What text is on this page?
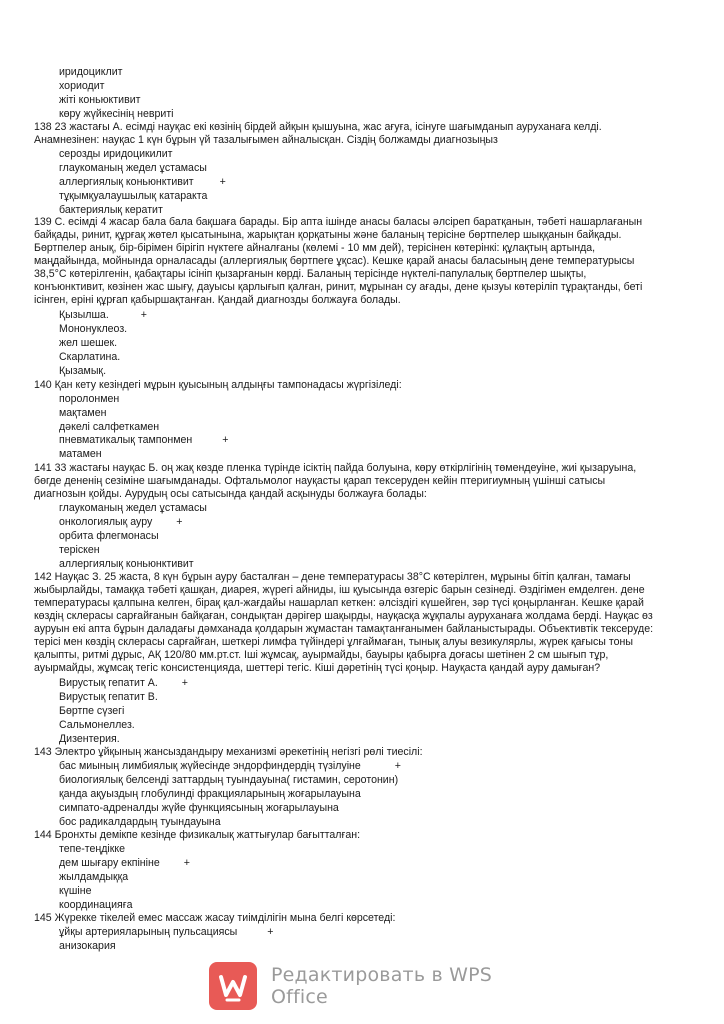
иридоциклит
хориодит
жіті коньюктивит
көру жүйкесінің невриті
138 23 жастағы А. есімді науқас екі көзінің бірдей айқын қышуына, жас ағуға, ісінуге шағымданып ауруханаға келді.
Анамнезінен: науқас 1 күн бұрын үй тазалығымен айналысқан. Сіздің болжамды диагнозыңыз
серозды иридоцикилит
глаукоманың жедел ұстамасы
аллергиялық коньюнктивит +
тұқымқуалаушылық катаракта
бактериялық кератит
139 С. есімді 4 жасар бала бала бақшаға барады. Бір апта ішінде анасы баласы әлсіреп баратқанын, тәбеті нашарлағанын
байқады, ринит, құрғақ жөтел қысатынына, жарықтан қорқатыны және баланың терісіне бөртпелер шыққанын байқады.
Бөртпелер анық, бір-бірімен бірігіп нүктеге айналғаны (көлемі - 10 мм дей), терісінен көтерінкі: құлақтың артында,
маңдайында, мойнында орналасады (аллергиялық бөртпеге ұқсас). Кешке қарай анасы баласының дене температурысы
38,5°С көтерілгенін, қабақтары ісініп қызарғанын көрді. Баланың терісінде нүктелі-папулалық бөртпелер шықты,
конъюнктивит, көзінен жас шығу, дауысы қарлығып қалған, ринит, мұрынан су ағады, дене қызуы көтеріліп тұрақтанды, беті
ісінген, еріні құрғап қабыршақтанған. Қандай диагнозды болжауға болады.
Қызылша.	+
Мононуклеоз.
жел шешек.
Скарлатина.
Қызамық.
140 Қан кету кезіндегі мұрын қуысының алдыңғы тампонадасы жүргізіледі:
поролонмен
мақтамен
дәкелі салфеткамен
пневматикалық тампонмен	+
матамен
141 33 жастағы науқас Б. оң жақ көзде пленка түрінде ісіктің пайда болуына, көру өткірлігінің төмендеуіне, жиі қызаруына,
бөгде дененің сезіміне шағымданады. Офтальмолог науқасты қарап тексеруден кейін птеригиумның үшінші сатысы
диагнозын қойды. Аурудың осы сатысында қандай асқынуды болжауға болады:
глаукоманың жедел ұстамасы
онкологиялық ауру +
орбита флегмонасы
терiскен
аллергиялық коньюнктивит
142 Науқас З. 25 жаста, 8 күн бұрын ауру басталған – дене температурасы 38°С көтерілген, мұрыны бітіп қалған, тамағы
жыбырлайды, тамаққа тәбеті қашқан, диарея, жүрегі айниды, іш қуысында өзгеріс барын сезінеді. Әздігімен емделген. дене
температурасы қалпына келген, бірақ қал-жағдайы нашарлап кеткен: әлсіздігі күшейген, зәр түсі қоңырланған. Кешке қарай
көздің склерасы сарғайғанын байқаған, сондықтан дәрігер шақырды, науқасқа жұқпалы ауруханаға жолдама берді. Науқас өз
ауруын екі апта бұрын даладағы дәмханада қолдарын жұмастан тамақтанғанымен байланыстырады. Объективтік тексеруде:
терісі мен көздің склерасы сарғайған, шеткері лимфа түйіндері ұлғаймаған, тынық алуы везикулярлы, жүрек қағысы тоны
қалыпты, ритмі дұрыс, АҚ 120/80 мм.рт.ст. Іші жұмсақ, ауырмайды, бауыры қабырға доғасы шетінен 2 см шығып тұр,
ауырмайды, жұмсақ тегіс консистенцияда, шеттері тегіс. Кіші дәретінің түсі қоңыр. Науқаста қандай ауру дамыған?
Вирустық гепатит А. +
Вирустық гепатит В.
Бөртпе сүзегі
Сальмонеллез.
Дизентерия.
143 Электро ұйқының жансыздандыру механизмі әрекетінің негізгі рөлі тиесілі:
бас миының лимбиялық жүйесінде эндорфиндердің түзілуіне	+
биологиялық белсенді заттардың туындауына( гистамин, серотонин)
қанда ақуыздың глобулинді фракцияларының жоғарылауына
симпато-адреналды жүйе функциясының жоғарылауына
бос радикалдардың туындауына
144 Бронхты демікпе кезінде физикалық жаттығулар бағытталған:
тепе-теңдікке
дем шығару екпініне +
жылдамдыққа
күшіне
координацияға
145 Жүрекке тікелей емес массаж жасау тиімділігін мына белгі көрсетеді:
ұйқы артерияларының пульсациясы	+
анизокария
Редактировать в WPS Office
